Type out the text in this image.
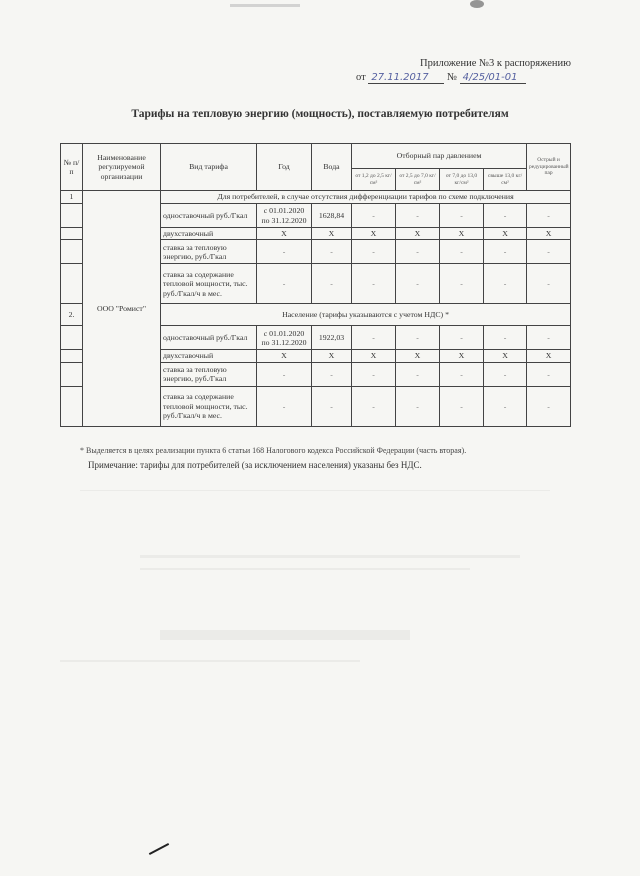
Приложение №3 к распоряжению
от 27.11.2017 № 4/25/01-01
Тарифы на тепловую энергию (мощность), поставляемую потребителям
№ п/п	Наименование регулируемой организации	Вид тарифа	Год	Вода	Отборный пар давлением				Острый и редуцированный пар
					от 1,2 до 2,5 кг/см²	от 2,5 до 7,0 кг/см²	от 7,0 до 13,0 кг/см²	свыше 13,0 кг/см²	
1	ООО "Ромист"	Для потребителей, в случае отсутствия дифференциации тарифов по схеме подключения							
		одноставочный руб./Гкал	с 01.01.2020 по 31.12.2020	1628,84	-	-	-	-	-
		двухставочный	X	X	X	X	X	X	X
		ставка за тепловую энергию, руб./Гкал	-	-	-	-	-	-	-
		ставка за содержание тепловой мощности, тыс. руб./Гкал/ч в мес.	-	-	-	-	-	-	-
2.		Население (тарифы указываются с учетом НДС) *							
		одноставочный руб./Гкал	с 01.01.2020 по 31.12.2020	1922,03	-	-	-	-	-
		двухставочный	X	X	X	X	X	X	X
		ставка за тепловую энергию, руб./Гкал	-	-	-	-	-	-	-
		ставка за содержание тепловой мощности, тыс. руб./Гкал/ч в мес.	-	-	-	-	-	-	-
* Выделяется в целях реализации пункта 6 статьи 168 Налогового кодекса Российской Федерации (часть вторая).
Примечание: тарифы для потребителей (за исключением населения) указаны без НДС.
